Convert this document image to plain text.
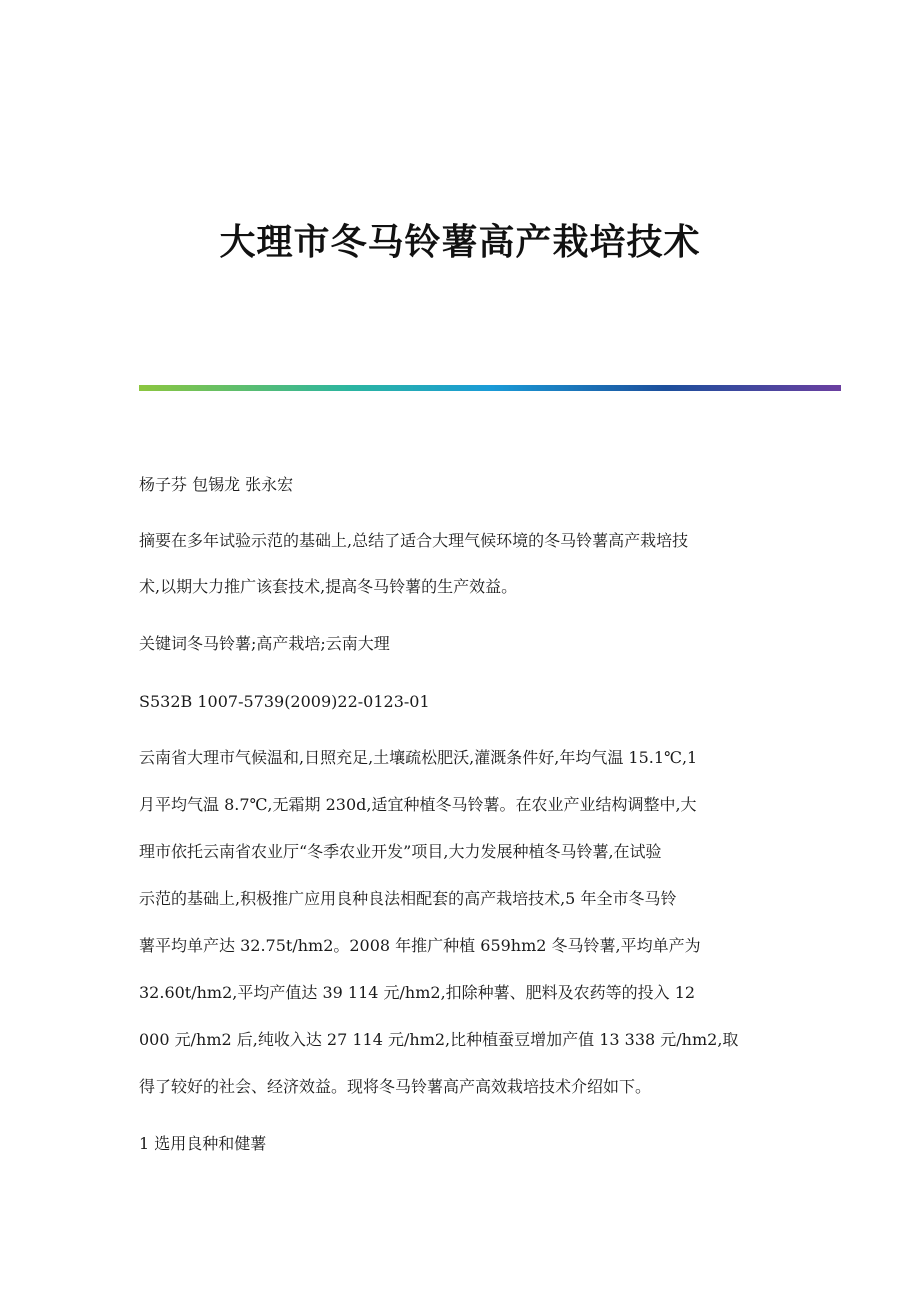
大理市冬马铃薯高产栽培技术
杨子芬 包锡龙 张永宏
摘要在多年试验示范的基础上,总结了适合大理气候环境的冬马铃薯高产栽培技
术,以期大力推广该套技术,提高冬马铃薯的生产效益。
关键词冬马铃薯;高产栽培;云南大理
S532B 1007-5739(2009)22-0123-01
云南省大理市气候温和,日照充足,土壤疏松肥沃,灌溉条件好,年均气温 15.1℃,1
月平均气温 8.7℃,无霜期 230d,适宜种植冬马铃薯。在农业产业结构调整中,大
理市依托云南省农业厅“冬季农业开发”项目,大力发展种植冬马铃薯,在试验
示范的基础上,积极推广应用良种良法相配套的高产栽培技术,5 年全市冬马铃
薯平均单产达 32.75t/hm2。2008 年推广种植 659hm2 冬马铃薯,平均单产为
32.60t/hm2,平均产值达 39 114 元/hm2,扣除种薯、肥料及农药等的投入 12
000 元/hm2 后,纯收入达 27 114 元/hm2,比种植蚕豆增加产值 13 338 元/hm2,取
得了较好的社会、经济效益。现将冬马铃薯高产高效栽培技术介绍如下。
1 选用良种和健薯
